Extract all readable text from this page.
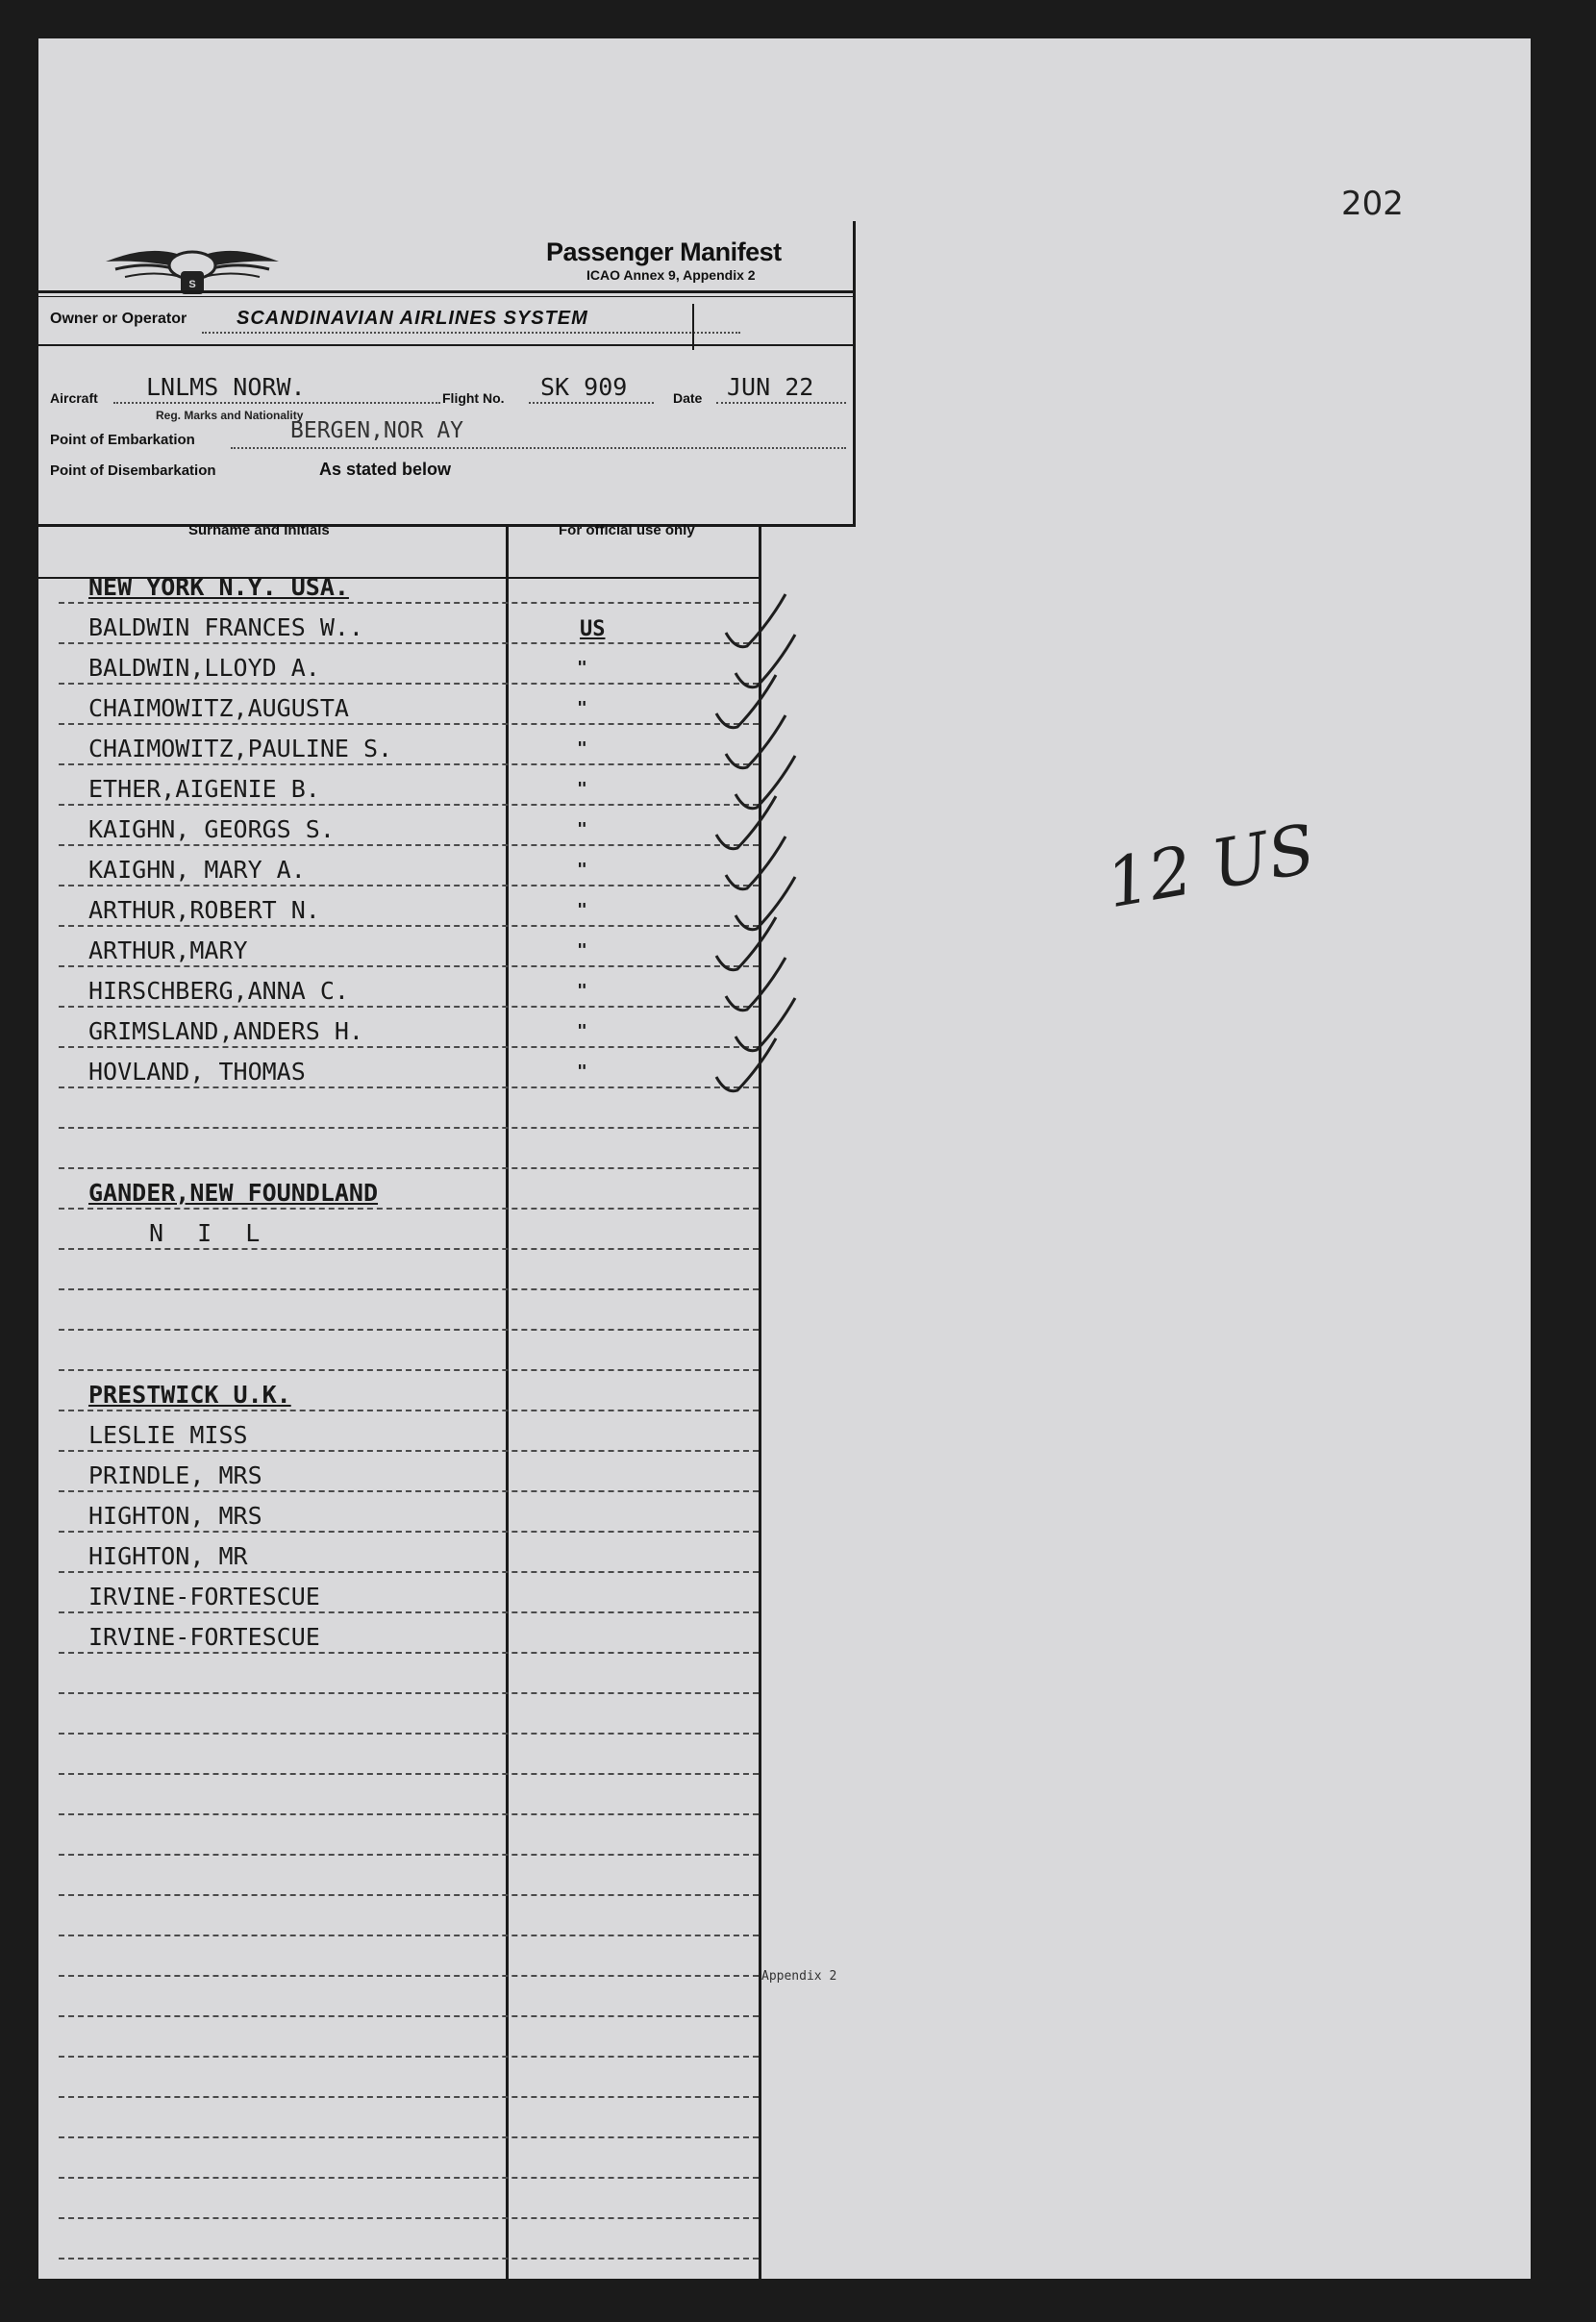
202
S
Passenger Manifest
ICAO Annex 9, Appendix 2
Owner or Operator	SCANDINAVIAN AIRLINES SYSTEM
Aircraft LNLMS NORW.
Reg. Marks and Nationality
Flight No. SK 909	Date JUN 22
Point of Embarkation	BERGEN,NOR AY
Point of Disembarkation	As stated below
Surname and Initials	For official use only
NEW YORK N.Y. USA.
BALDWIN FRANCES W..	US
BALDWIN,LLOYD A.	"
CHAIMOWITZ,AUGUSTA	"
CHAIMOWITZ,PAULINE S.	"
ETHER,AIGENIE B.	"
KAIGHN, GEORGS S.	"
KAIGHN, MARY A.	"
ARTHUR,ROBERT N.	"
ARTHUR,MARY	"
HIRSCHBERG,ANNA C.	"
GRIMSLAND,ANDERS H.	"
HOVLAND, THOMAS	"
GANDER,NEW FOUNDLAND
N I L
PRESTWICK U.K.
LESLIE MISS
PRINDLE, MRS
HIGHTON, MRS
HIGHTON, MR
IRVINE-FORTESCUE
IRVINE-FORTESCUE
12 US
Appendix 2
